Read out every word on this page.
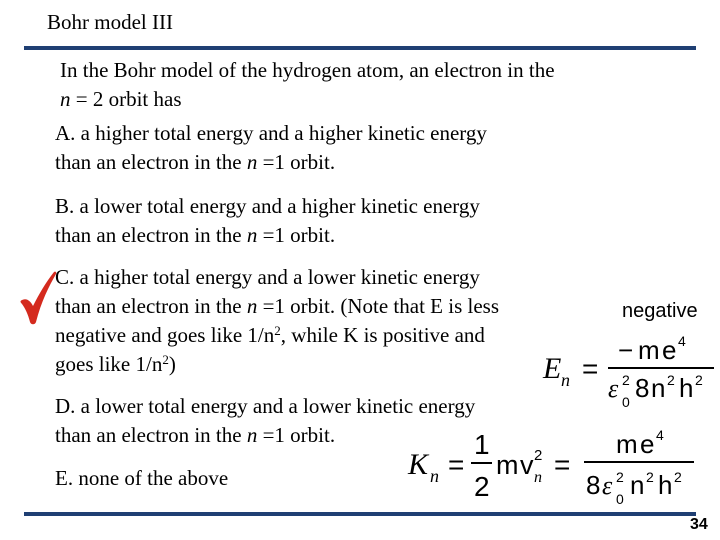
Bohr model III
In the Bohr model of the hydrogen atom, an electron in the
n = 2 orbit has
A. a higher total energy and a higher kinetic energy
than an electron in the n =1 orbit.
B. a lower total energy and a higher kinetic energy
than an electron in the n =1 orbit.
C. a higher total energy and a lower kinetic energy
than an electron in the n =1 orbit. (Note that E is less
negative and goes like $1/n^2$, while K is positive and
goes like $1/n^2$)
negative
E n =
− m e 4
ε 0
2 8 n 2 h 2
D. a lower total energy and a lower kinetic energy
than an electron in the n =1 orbit.
K n =
1
2
m v 2
n =
m e 4
8 ε 0
2 n 2 h 2
E. none of the above
34
